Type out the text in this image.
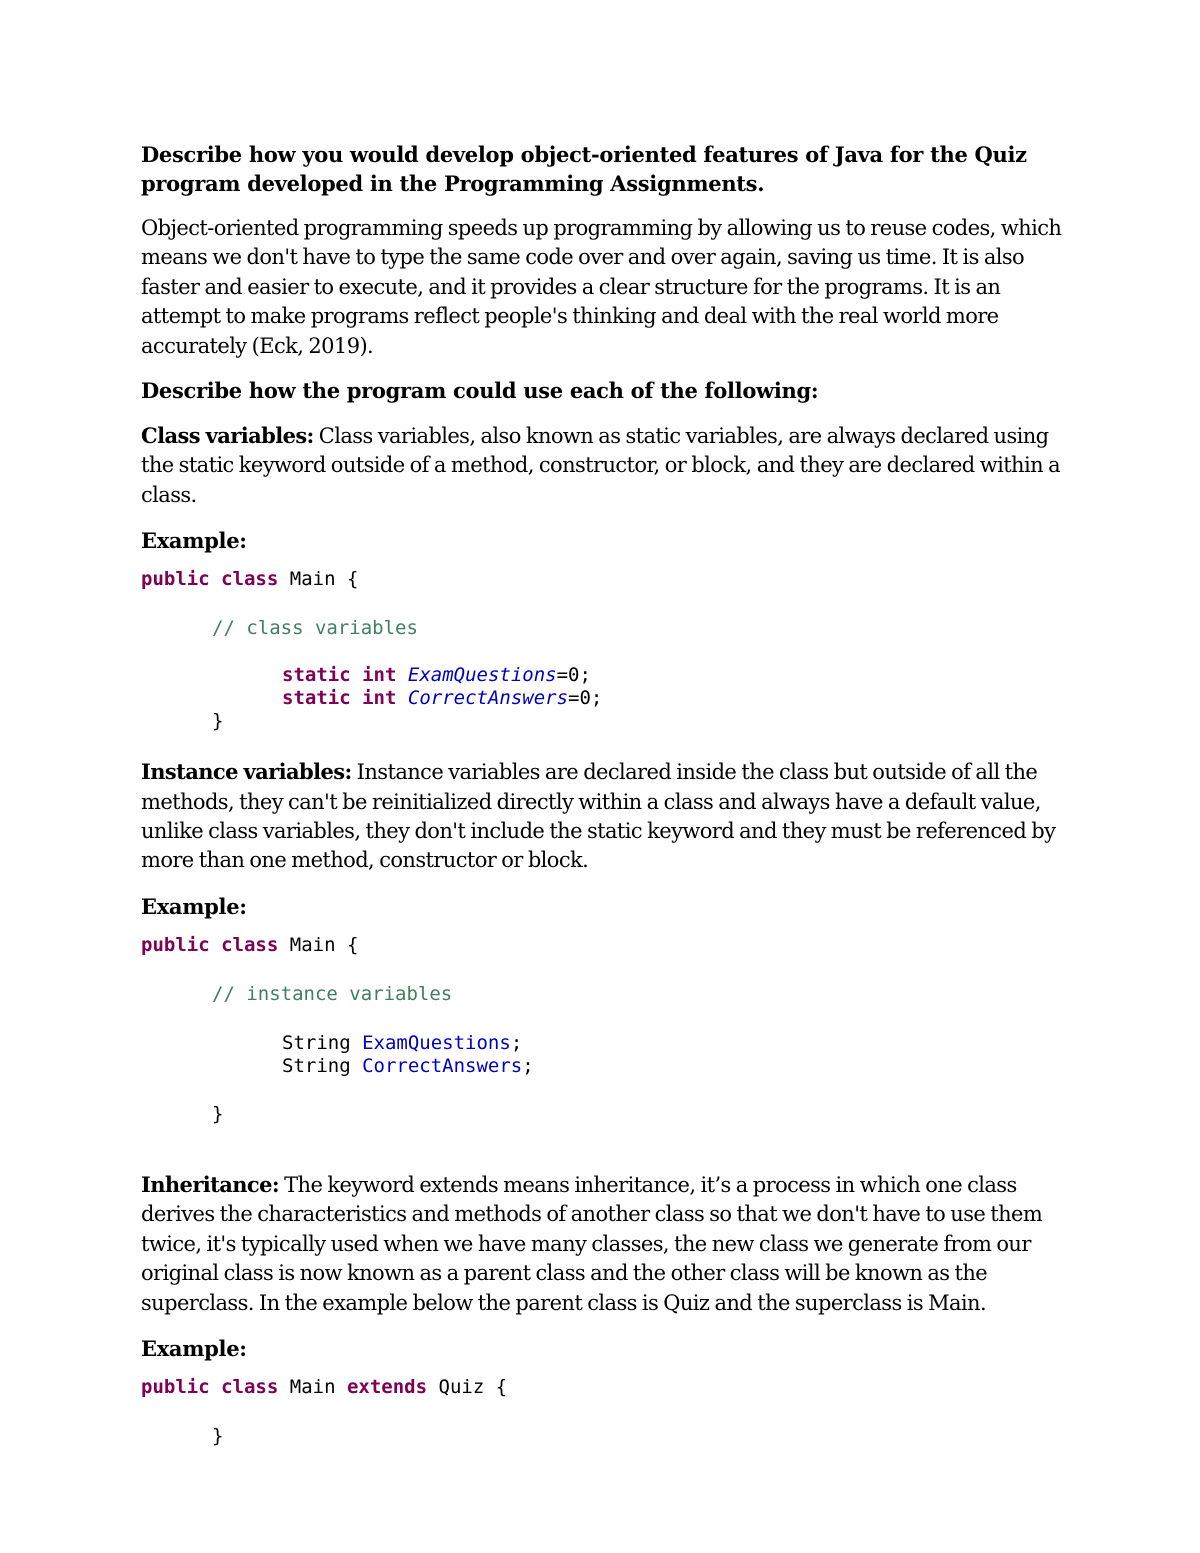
Describe how you would develop object-oriented features of Java for the Quiz program developed in the Programming Assignments.

Object-oriented programming speeds up programming by allowing us to reuse codes, which means we don't have to type the same code over and over again, saving us time. It is also faster and easier to execute, and it provides a clear structure for the programs. It is an attempt to make programs reflect people's thinking and deal with the real world more accurately (Eck, 2019).

Describe how the program could use each of the following:

Class variables: Class variables, also known as static variables, are always declared using the static keyword outside of a method, constructor, or block, and they are declared within a class.

Example:

public class Main {
// class variables
static int ExamQuestions=0;
static int CorrectAnswers=0;
}

Instance variables: Instance variables are declared inside the class but outside of all the methods, they can't be reinitialized directly within a class and always have a default value, unlike class variables, they don't include the static keyword and they must be referenced by more than one method, constructor or block.

Example:

public class Main {
// instance variables
String ExamQuestions;
String CorrectAnswers;
}

Inheritance: The keyword extends means inheritance, it’s a process in which one class derives the characteristics and methods of another class so that we don't have to use them twice, it's typically used when we have many classes, the new class we generate from our original class is now known as a parent class and the other class will be known as the superclass. In the example below the parent class is Quiz and the superclass is Main.

Example:

public class Main extends Quiz {
}
